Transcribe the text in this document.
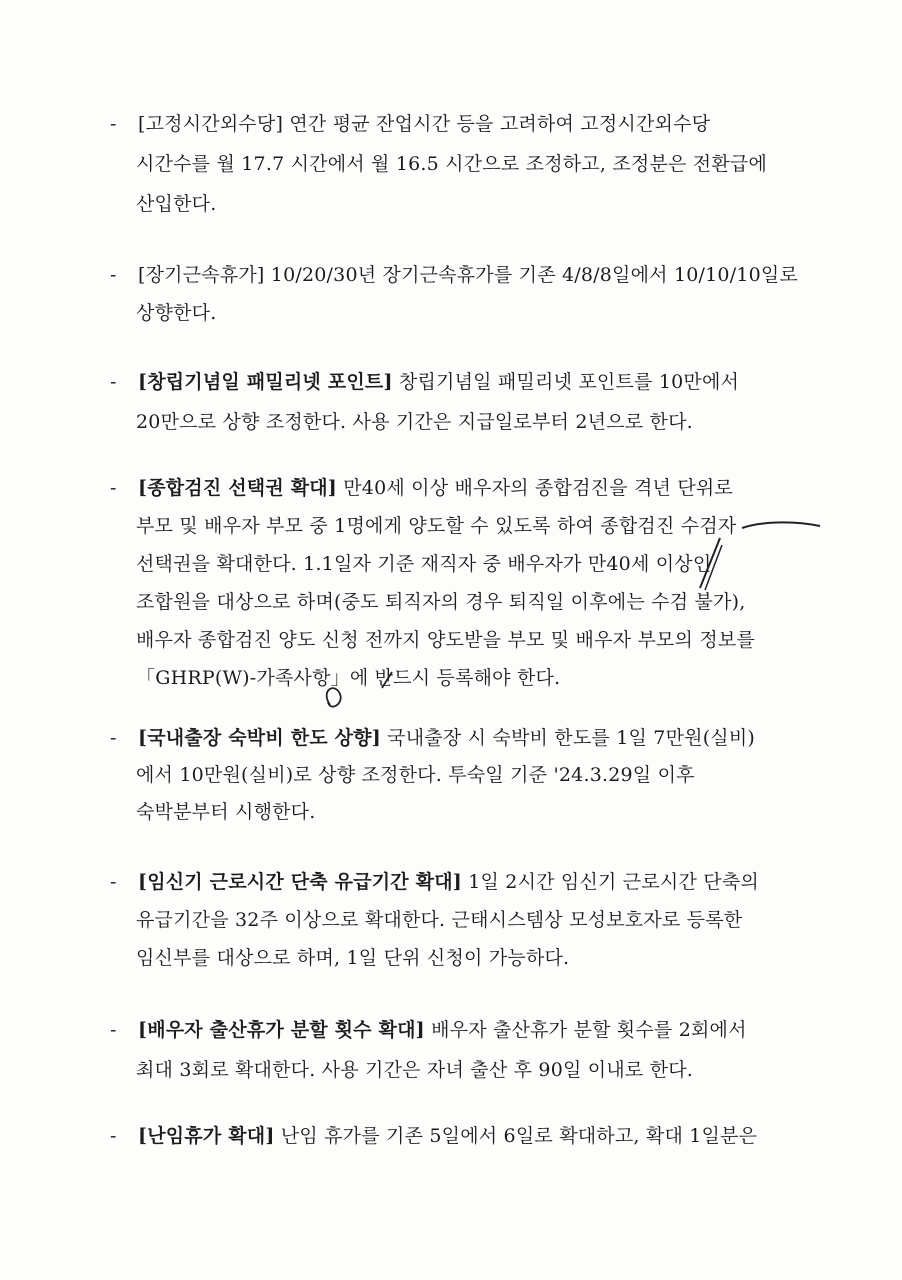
- [고정시간외수당] 연간 평균 잔업시간 등을 고려하여 고정시간외수당
시간수를 월 17.7 시간에서 월 16.5 시간으로 조정하고, 조정분은 전환급에
산입한다.
- [장기근속휴가] 10/20/30년 장기근속휴가를 기존 4/8/8일에서 10/10/10일로
상향한다.
- [창립기념일 패밀리넷 포인트] 창립기념일 패밀리넷 포인트를 10만에서
20만으로 상향 조정한다. 사용 기간은 지급일로부터 2년으로 한다.
- [종합검진 선택권 확대] 만40세 이상 배우자의 종합검진을 격년 단위로
부모 및 배우자 부모 중 1명에게 양도할 수 있도록 하여 종합검진 수검자
선택권을 확대한다. 1.1일자 기준 재직자 중 배우자가 만40세 이상인
조합원을 대상으로 하며(중도 퇴직자의 경우 퇴직일 이후에는 수검 불가),
배우자 종합검진 양도 신청 전까지 양도받을 부모 및 배우자 부모의 정보를
「GHRP(W)-가족사항」에 반드시 등록해야 한다.
- [국내출장 숙박비 한도 상향] 국내출장 시 숙박비 한도를 1일 7만원(실비)
에서 10만원(실비)로 상향 조정한다. 투숙일 기준 '24.3.29일 이후
숙박분부터 시행한다.
- [임신기 근로시간 단축 유급기간 확대] 1일 2시간 임신기 근로시간 단축의
유급기간을 32주 이상으로 확대한다. 근태시스템상 모성보호자로 등록한
임신부를 대상으로 하며, 1일 단위 신청이 가능하다.
- [배우자 출산휴가 분할 횟수 확대] 배우자 출산휴가 분할 횟수를 2회에서
최대 3회로 확대한다. 사용 기간은 자녀 출산 후 90일 이내로 한다.
- [난임휴가 확대] 난임 휴가를 기존 5일에서 6일로 확대하고, 확대 1일분은
